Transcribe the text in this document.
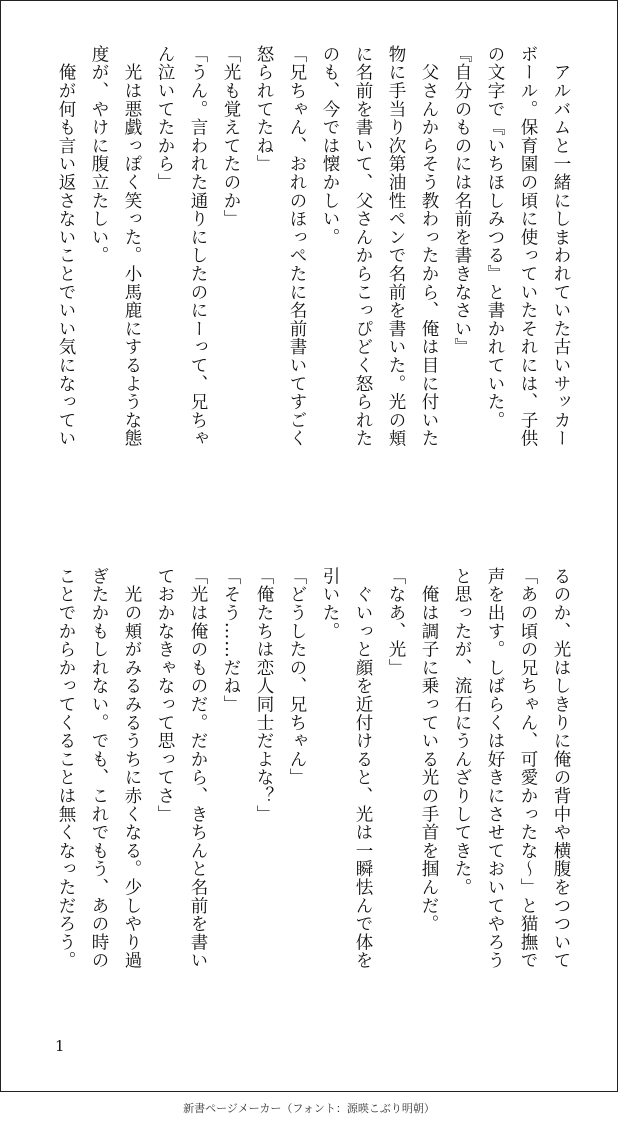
　アルバムと一緒にしまわれていた古いサッカー
ボール。保育園の頃に使っていたそれには、子供
の文字で『いちほしみつる』と書かれていた。
『自分のものには名前を書きなさい』
　父さんからそう教わったから、俺は目に付いた
物に手当り次第油性ペンで名前を書いた。光の頬
に名前を書いて、父さんからこっぴどく怒られた
のも、今では懐かしい。
「兄ちゃん、おれのほっぺたに名前書いてすごく
怒られてたね」
「光も覚えてたのか」
「うん。言われた通りにしたのにーって、兄ちゃ
ん泣いてたから」
　光は悪戯っぽく笑った。小馬鹿にするような態
度が、やけに腹立たしい。
　俺が何も言い返さないことでいい気になってい
るのか、光はしきりに俺の背中や横腹をつついて
「あの頃の兄ちゃん、可愛かったな～」と猫撫で
声を出す。しばらくは好きにさせておいてやろう
と思ったが、流石にうんざりしてきた。
　俺は調子に乗っている光の手首を掴んだ。
「なあ、光」
　ぐいっと顔を近付けると、光は一瞬怯んで体を
引いた。
「どうしたの、兄ちゃん」
「俺たちは恋人同士だよな？」
「そう……だね」
「光は俺のものだ。だから、きちんと名前を書い
ておかなきゃなって思ってさ」
　光の頬がみるみるうちに赤くなる。少しやり過
ぎたかもしれない。でも、これでもう、あの時の
ことでからかってくることは無くなっただろう。
1
新書ページメーカー（フォント：源暎こぶり明朝）
